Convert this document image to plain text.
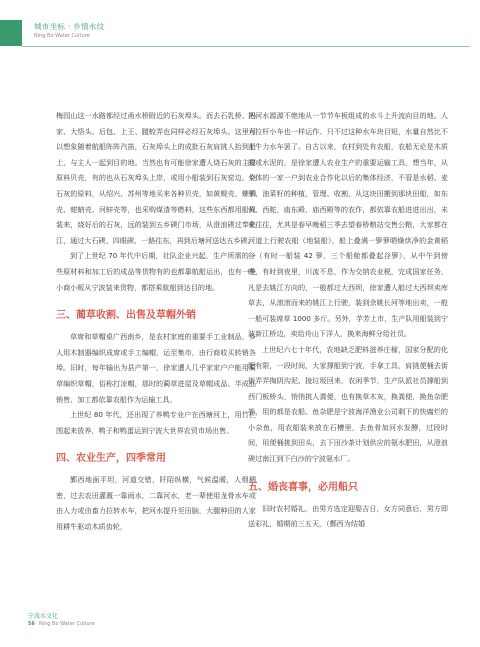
城市坐标 · 乡情水纹
Ning Bo Water Culture

梅园山这一水路都经过甬水桥附近的石灰埠头。而去石乳桥、冯家、大悟头、后包、上王、腿蛟弄也同样必经石灰埠头。这里可以想象随着航船阵阵汽笛，石灰埠头上的成批石灰肩挑人抬到船上，与主人一起到目的地。当然也有可能徐家遭人烧石灰的主要原料贝壳，有的也从石灰埠头上岸，或用小船装到石灰窑边。烧石灰的原料，从绍兴、苏州等地买来各种贝壳，如黄蚬壳、螺蛳壳、蚶蚋壳、河蚌壳等，也采购煤渣等燃料，这些东西都用船只装来，烧好后的石灰，远的装到五乡碶门市场，从澄浪碶过奉化江，通过大石碶、四眼碶、一路往东，再到后塘河送达五乡碶。

到了上世纪 70 年代中后期，社队企业兴起，生产所需的一些原材料和加工后的成品等货物有的也都靠航船运出，也有一些小商小贩从宁波装来货物，都搭乘航船到达目的地。

三、蔺草收割、出售及草帽外销

草席和草帽桌广西南乡，是农村家庭的重要手工业制品，乡人用木制器编织成席或手工编帽，运至集市，由行商收买转销各埠。旧时，每年输出为县产第一，徐家遭人几乎家家户户能用蔺草编织草帽，俗称打凉帽，那时的蔺草进屋及草帽成品、半成品销售、加工都依靠农船作为运输工具。

上世纪 80 年代，还出现了养鸭专业户在西塘河上，用竹栏围起来放养，鸭子和鸭蛋运到宁波大世界农贸市场出售。

四、农业生产，四季常用

鄞西地面平坦，河道交错，阡陌纵横，气候温暖，人烟稠密，过去农田灌溉一靠雨水，二靠河水，老一辈使用龙骨水车或由人力或由畜力拉转水车，把河水提升至田脑，大腿种田的人家用耕牛驱动木质齿轮，

把河水源源不绝地从一节节车板组成的水斗上升流向目的地。人力拉杆小车也一样运作。只不过这种水车块目短，水量自然比不上牛力水车罢了。自古以来，农村到处有农船，农船无论是木质的或水泥的，是徐家遭人农业生产的重要运输工具，想当年，从个体的一家一户到农业合作化以后的集体经济，不管是水稻、麦子、油菜籽的种植，管理、收割，从这块田搬到那块田船，如东黄、西舵，庙东殿、庙西殿等的农作，都依靠农船进进出出，未来往往，尤其是春早晚稻三季去望春桥粮站交售公粮，大家都在河道上行驶农船（地装船），船上叠满一箩箩晒燥烘净的金黄稻谷（有时一船装 42 箩，三个船舱都叠起谷箩），从中午到傍晚，有时到夜里，川流不息，作为交纳农业税，完成国家任务，凡是去姚江方向的，一般都过大西坝，徐家遭人船过大西坝卖库草去，从滚滚而来的姚江上行驶，装到余姚长河等地出卖，一般一船可装席草 1000 多斤。另外，芋芳上市，生产队用船装到宁波新江桥边，卖给舟山下洋人，换来海鲜分给社员。

上世纪六七十年代，农地缺乏肥料滋养庄稼，国家分配的化肥有限，一段时间，大家撑船到宁波，手拿工具，肩挑便桶去街街弄弄掏阴沟泥、拢垃圾回来，农闲季节，生产队派社员撑船到西门板桥头，悄悄挑人粪便，也有换草木灰，换粪便，换鱼杂肥等，用的都是农船。鱼杂肥是宁波海洋渔业公司剩下的快腐烂的小杂鱼，用农船装来放在石槽里，去鱼骨加河水发酵，过段时间，用便桶挑到田头，去下田沙茶计划供应的氨水肥田，从澄浪碶过南江到下白沙的宁波氨水厂。

五、婚丧喜事，必用船只

旧时农村婚礼，由男方选定迎娶吉日，女方同意后，男方即送彩礼，婚期前三五天，（鄞西为结婚

宁波水文化
56 Ning Bo Water Culture
